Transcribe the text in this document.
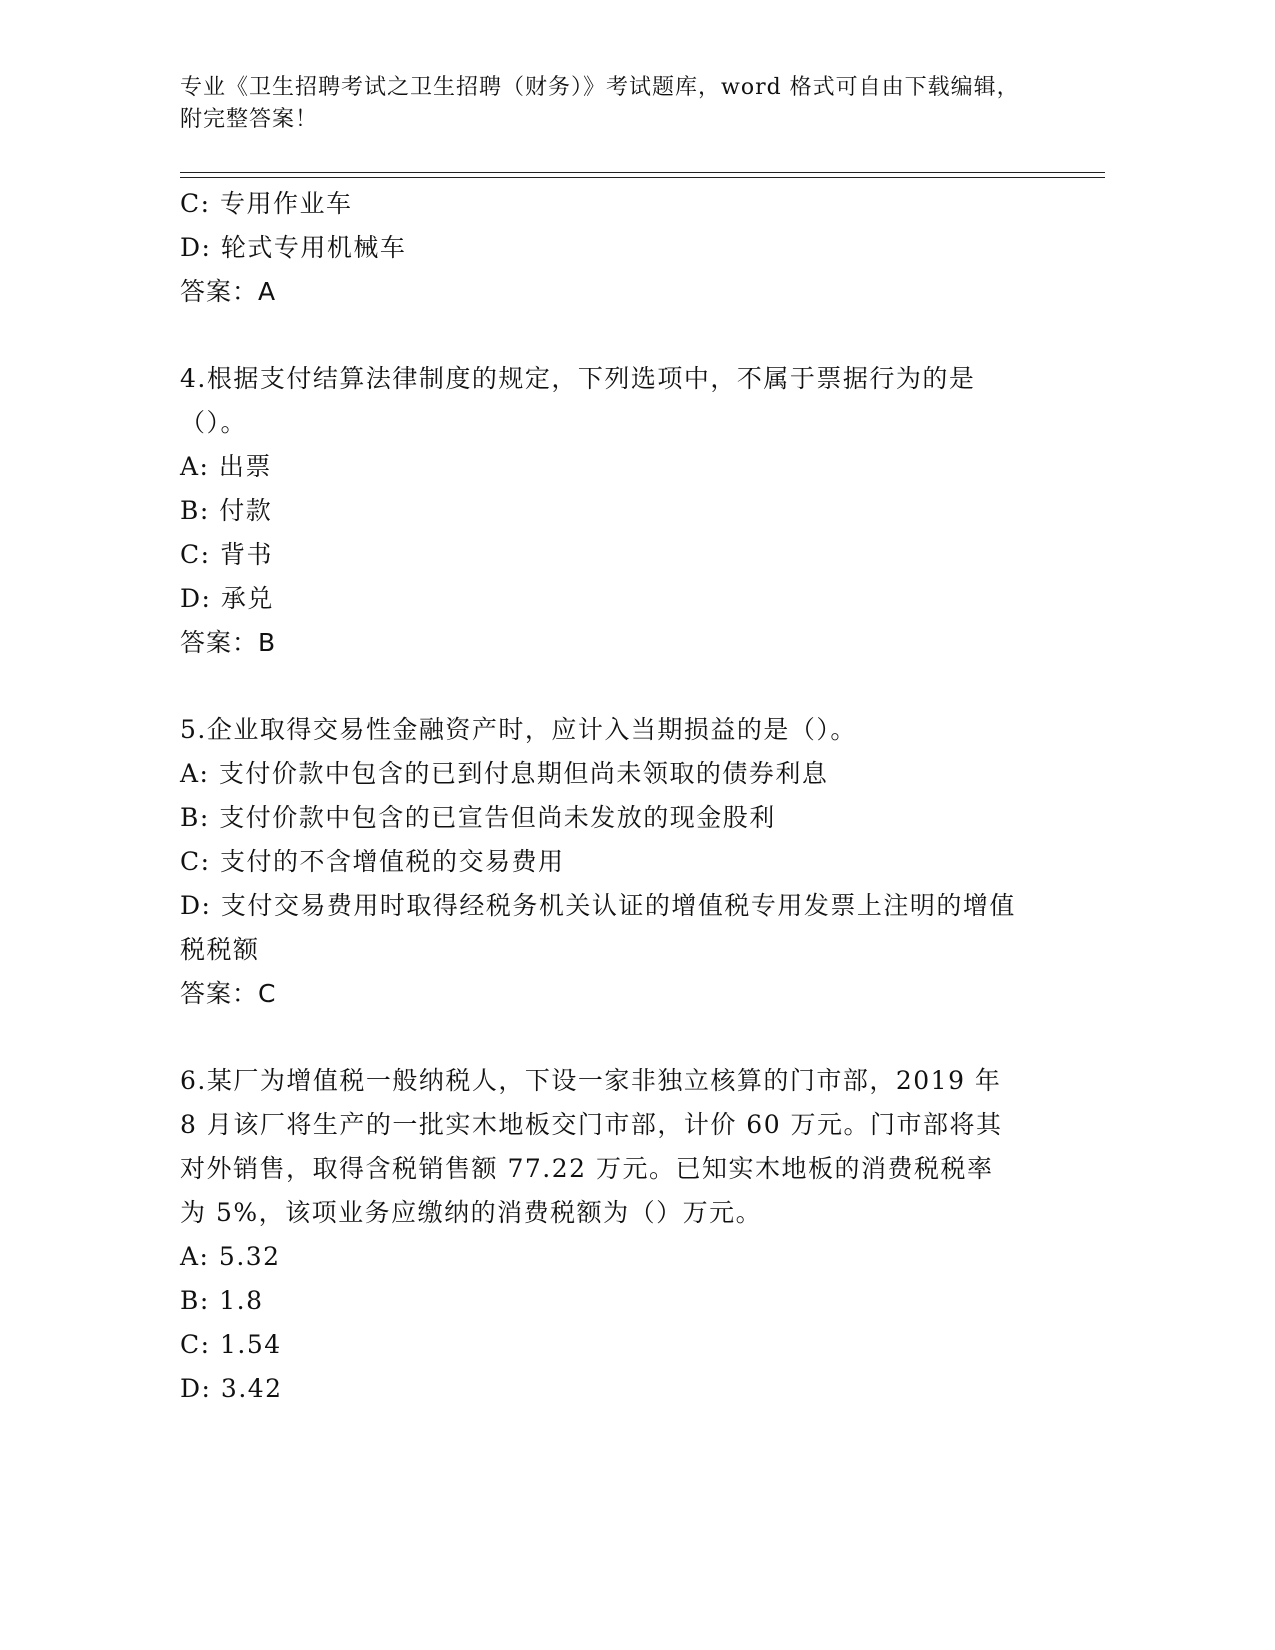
专业《卫生招聘考试之卫生招聘（财务）》考试题库，word 格式可自由下载编辑，附完整答案！
C: 专用作业车
D: 轮式专用机械车
答案：A
4.根据支付结算法律制度的规定，下列选项中，不属于票据行为的是
（）。
A: 出票
B: 付款
C: 背书
D: 承兑
答案：B
5.企业取得交易性金融资产时，应计入当期损益的是（）。
A: 支付价款中包含的已到付息期但尚未领取的债券利息
B: 支付价款中包含的已宣告但尚未发放的现金股利
C: 支付的不含增值税的交易费用
D: 支付交易费用时取得经税务机关认证的增值税专用发票上注明的增值税税额
答案：C
6.某厂为增值税一般纳税人，下设一家非独立核算的门市部，2019 年
8 月该厂将生产的一批实木地板交门市部，计价 60 万元。门市部将其
对外销售，取得含税销售额 77.22 万元。已知实木地板的消费税税率
为 5%，该项业务应缴纳的消费税额为（）万元。
A: 5.32
B: 1.8
C: 1.54
D: 3.42
